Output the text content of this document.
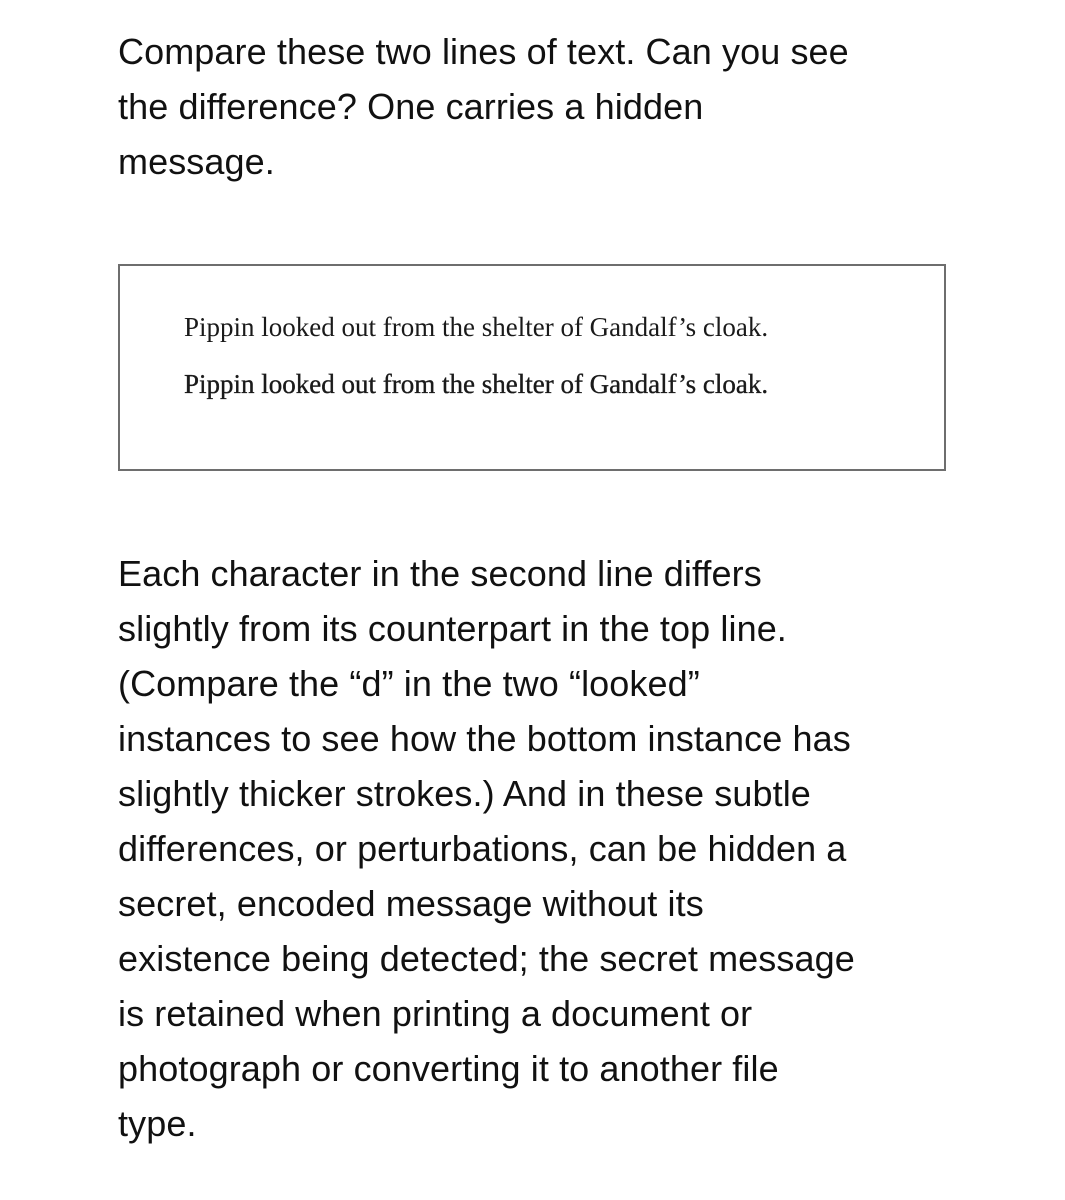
Compare these two lines of text. Can you see
the difference? One carries a hidden
message.

Pippin looked out from the shelter of Gandalf’s cloak.
Pippin looked out from the shelter of Gandalf’s cloak.

Each character in the second line differs
slightly from its counterpart in the top line.
(Compare the “d” in the two “looked”
instances to see how the bottom instance has
slightly thicker strokes.) And in these subtle
differences, or perturbations, can be hidden a
secret, encoded message without its
existence being detected; the secret message
is retained when printing a document or
photograph or converting it to another file
type.
